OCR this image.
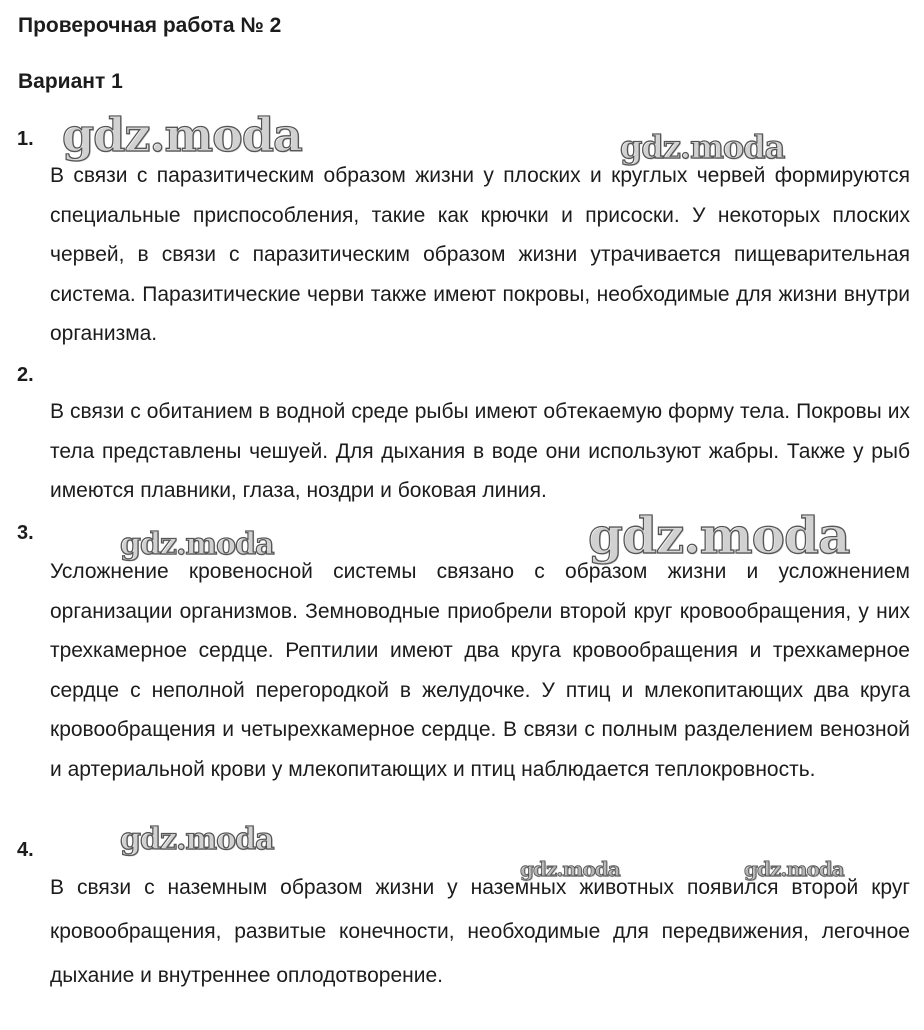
Проверочная работа № 2
Вариант 1
1.

В связи с паразитическим образом жизни у плоских и круглых червей формируются специальные приспособления, такие как крючки и присоски. У некоторых плоских червей, в связи с паразитическим образом жизни утрачивается пищеварительная система. Паразитические черви также имеют покровы, необходимые для жизни внутри организма.

2.

В связи с обитанием в водной среде рыбы имеют обтекаемую форму тела. Покровы их тела представлены чешуей. Для дыхания в воде они используют жабры. Также у рыб имеются плавники, глаза, ноздри и боковая линия.

3.

Усложнение кровеносной системы связано с образом жизни и усложнением организации организмов. Земноводные приобрели второй круг кровообращения, у них трехкамерное сердце. Рептилии имеют два круга кровообращения и трехкамерное сердце с неполной перегородкой в желудочке. У птиц и млекопитающих два круга кровообращения и четырехкамерное сердце. В связи с полным разделением венозной и артериальной крови у млекопитающих и птиц наблюдается теплокровность.

4.

В связи с наземным образом жизни у наземных животных появился второй круг кровообращения, развитые конечности, необходимые для передвижения, легочное дыхание и внутреннее оплодотворение.

gdz.moda	gdz.moda
gdz.moda	gdz.moda
gdz.moda
gdz.moda	gdz.moda
